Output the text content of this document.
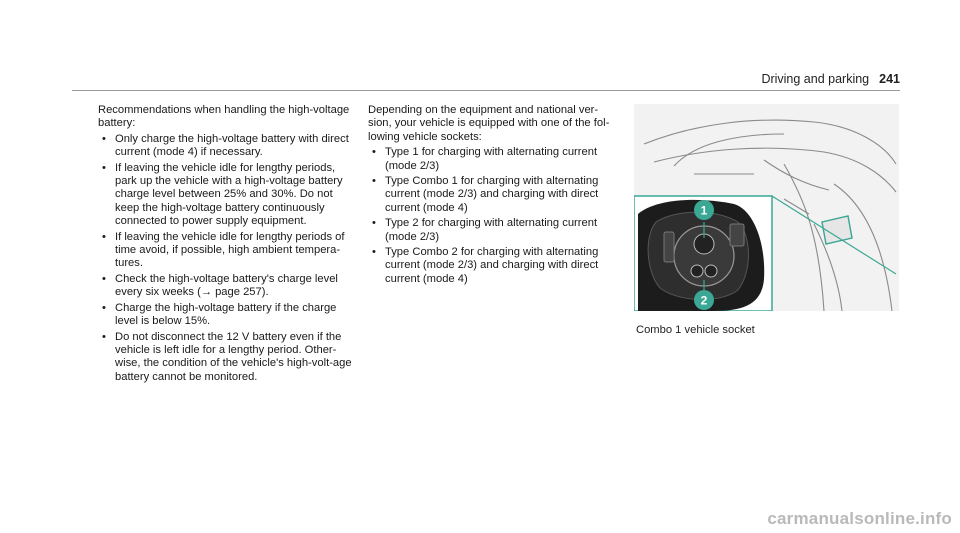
Driving and parking 241

Recommendations when handling the high-voltage battery:

• Only charge the high-voltage battery with direct current (mode 4) if necessary.
• If leaving the vehicle idle for lengthy periods, park up the vehicle with a high-voltage battery charge level between 25% and 30%. Do not keep the high-voltage battery continuously connected to power supply equipment.
• If leaving the vehicle idle for lengthy periods of time avoid, if possible, high ambient tempera-tures.
• Check the high-voltage battery's charge level every six weeks (→ page 257).
• Charge the high-voltage battery if the charge level is below 15%.
• Do not disconnect the 12 V battery even if the vehicle is left idle for a lengthy period. Other-wise, the condition of the vehicle's high-volt-age battery cannot be monitored.

Depending on the equipment and national ver-sion, your vehicle is equipped with one of the fol-lowing vehicle sockets:

• Type 1 for charging with alternating current (mode 2/3)
• Type Combo 1 for charging with alternating current (mode 2/3) and charging with direct current (mode 4)
• Type 2 for charging with alternating current (mode 2/3)
• Type Combo 2 for charging with alternating current (mode 2/3) and charging with direct current (mode 4)
1
2
Combo 1 vehicle socket
carmanualsonline.info
